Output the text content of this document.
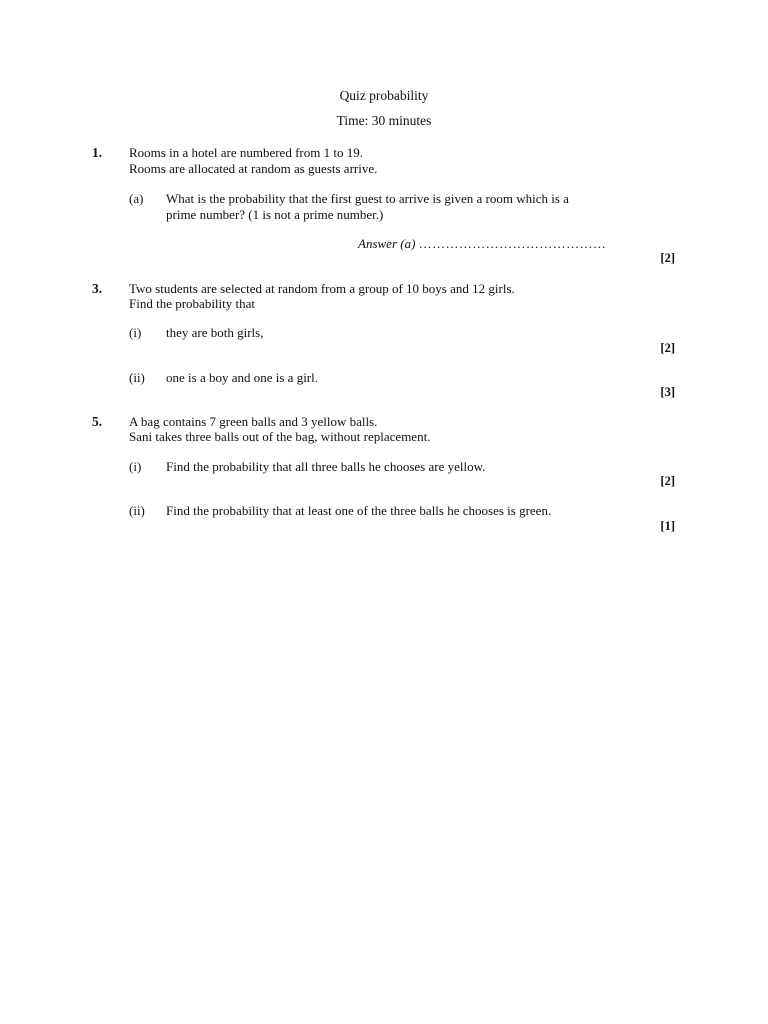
Quiz probability
Time: 30 minutes
1. Rooms in a hotel are numbered from 1 to 19.
Rooms are allocated at random as guests arrive.
(a) What is the probability that the first guest to arrive is given a room which is a
prime number? (1 is not a prime number.)
Answer (a) ……………………………………
[2]
3. Two students are selected at random from a group of 10 boys and 12 girls.
Find the probability that
(i) they are both girls,
[2]
(ii) one is a boy and one is a girl.
[3]
5. A bag contains 7 green balls and 3 yellow balls.
Sani takes three balls out of the bag, without replacement.
(i) Find the probability that all three balls he chooses are yellow.
[2]
(ii) Find the probability that at least one of the three balls he chooses is green.
[1]
